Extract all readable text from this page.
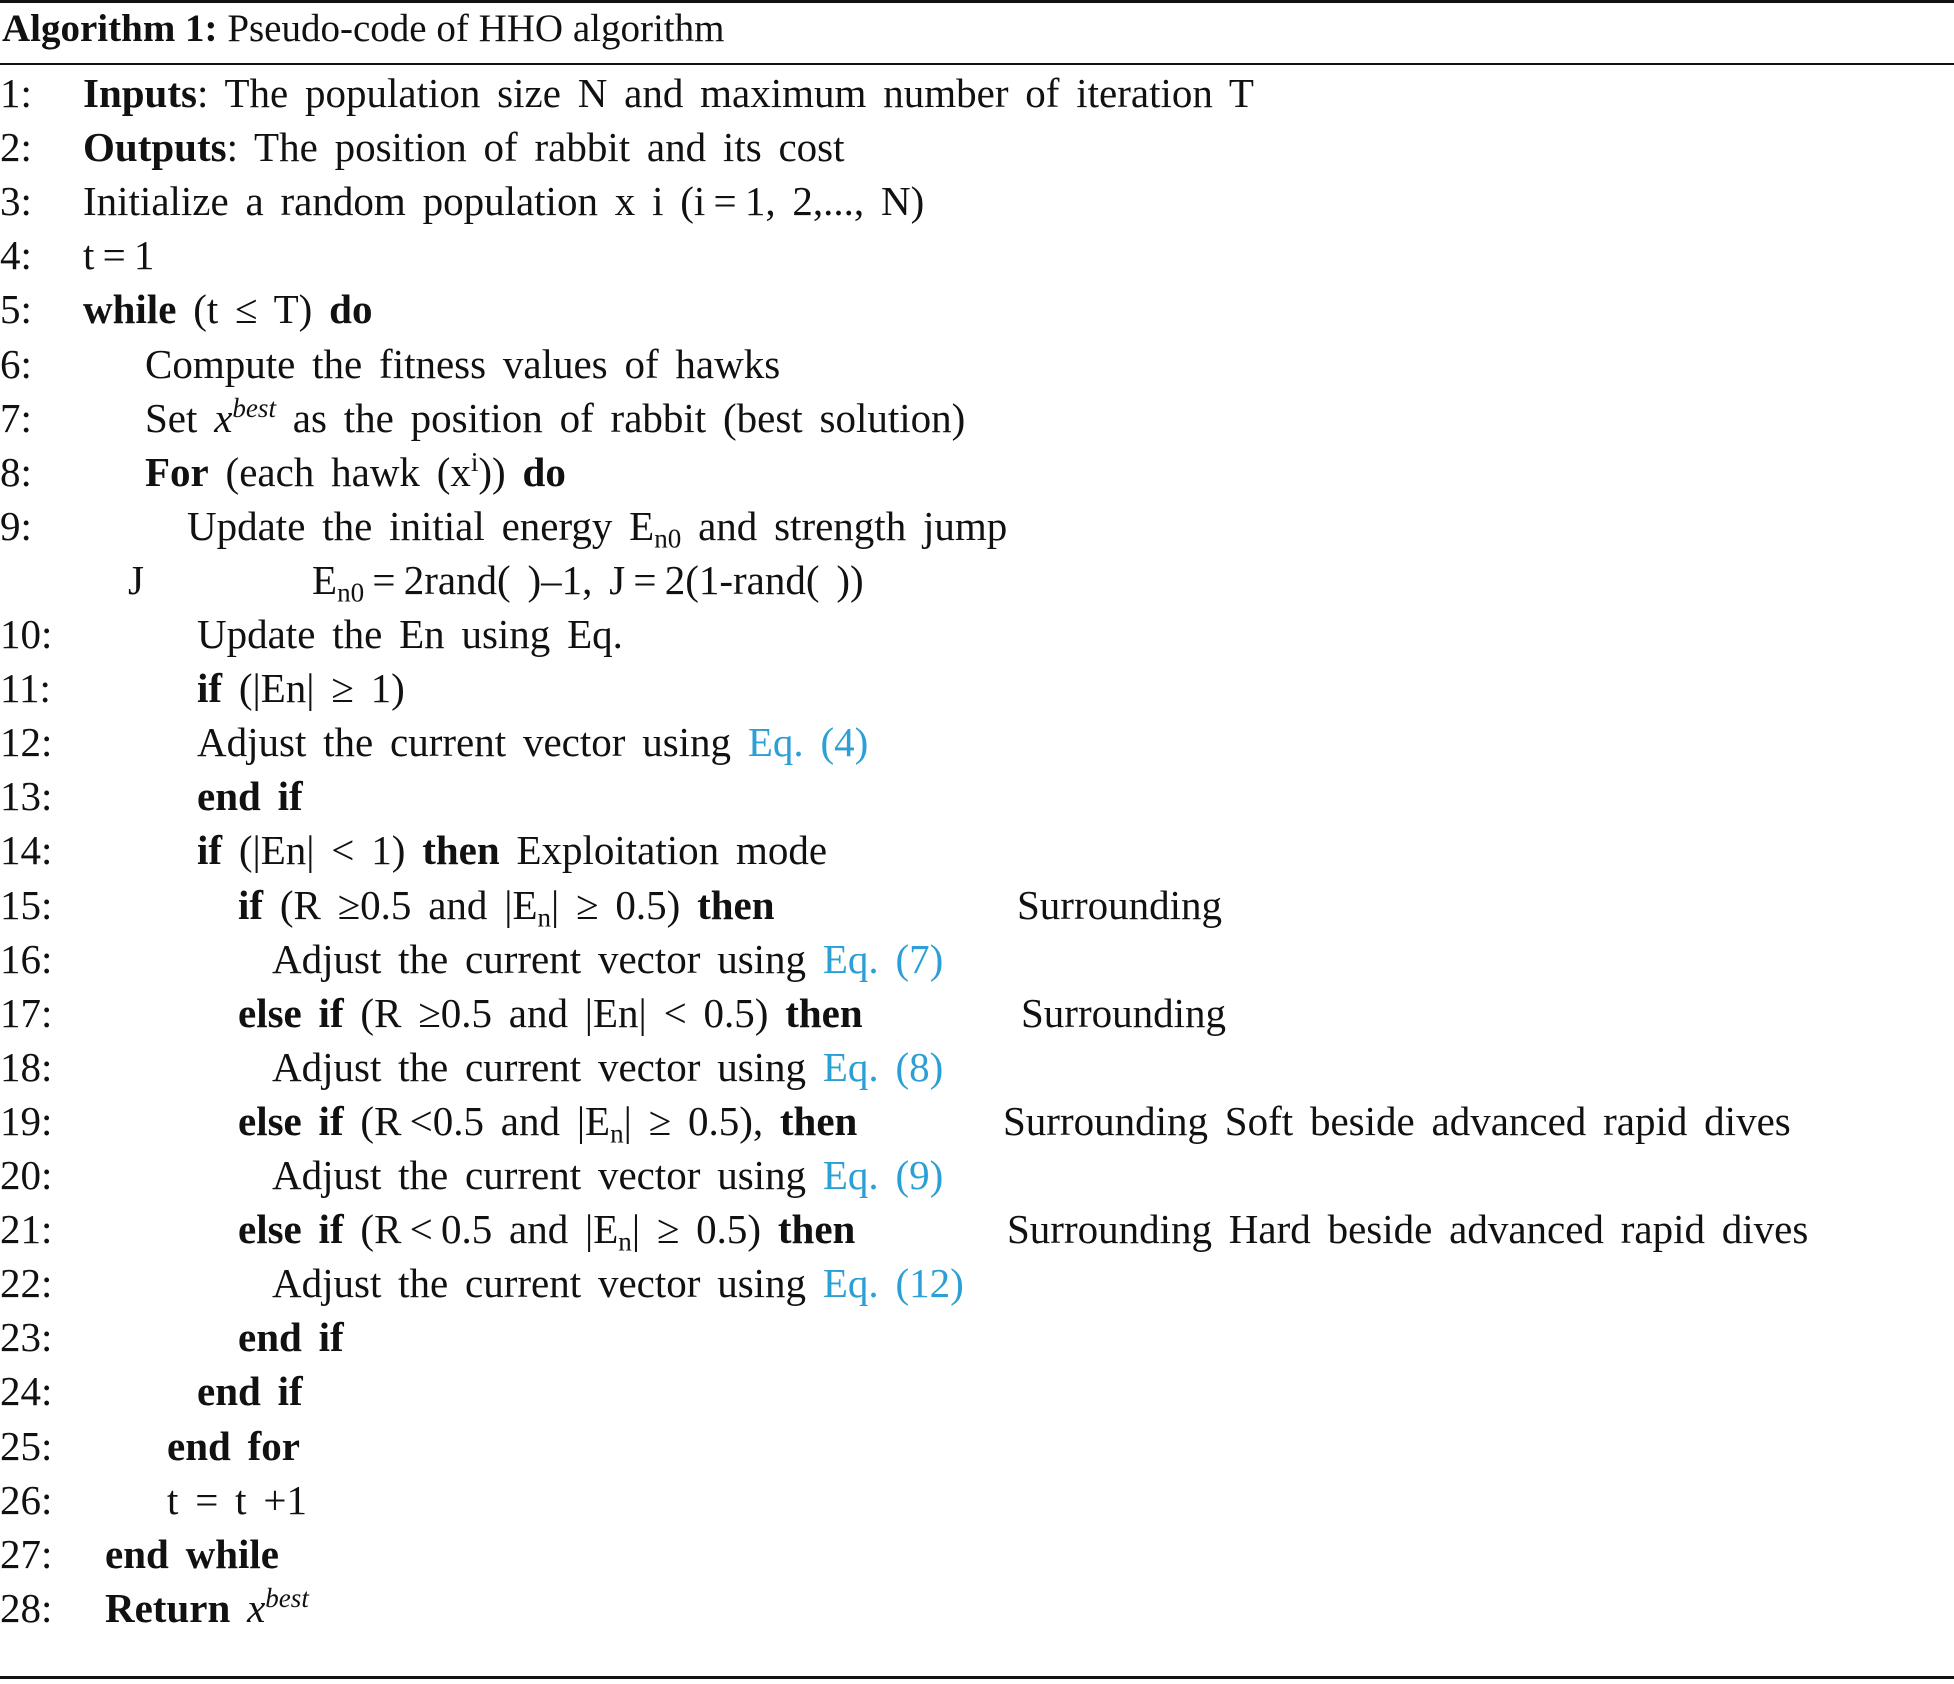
Algorithm 1: Pseudo-code of HHO algorithm
1: Inputs: The population size N and maximum number of iteration T
2: Outputs: The position of rabbit and its cost
3: Initialize a random population x i (i = 1, 2,..., N)
4: t = 1
5: while (t ≤ T) do
6:	Compute the fitness values of hawks
7:	Set $x^{best}$ as the position of rabbit (best solution)
8:	For (each hawk $(x^i)$) do
9:	Update the initial energy $E_{n0}$ and strength jump
J          $E_{n0}$ = 2rand( )–1, J = 2(1-rand( ))
10:	Update the En using Eq.
11:	if (|En| ≥ 1)
12:	Adjust the current vector using Eq. (4)
13:	end if
14:	if (|En| < 1) then Exploitation mode
15:	if (R ≥0.5 and $|E_n| \ge 0.5$) then	Surrounding
16:	Adjust the current vector using Eq. (7)
17:	else if (R ≥0.5 and |En| < 0.5) then	Surrounding
18:	Adjust the current vector using Eq. (8)
19:	else if (R <0.5 and $|E_n| \ge 0.5$), then	Surrounding Soft beside advanced rapid dives
20:	Adjust the current vector using Eq. (9)
21:	else if (R < 0.5 and $|E_n| \ge 0.5$) then	Surrounding Hard beside advanced rapid dives
22:	Adjust the current vector using Eq. (12)
23:	end if
24:	end if
25:	end for
26:	t = t +1
27: end while
28: Return $x^{best}$
